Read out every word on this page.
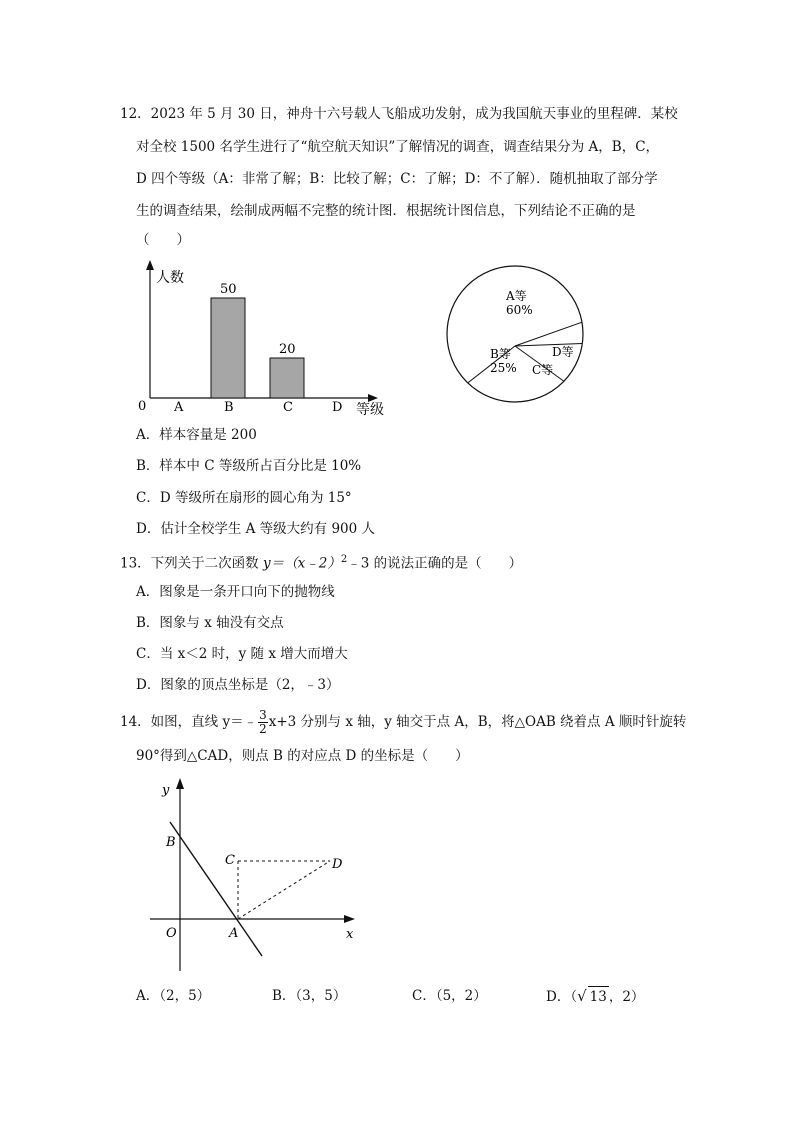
12．2023 年 5 月 30 日，神舟十六号载人飞船成功发射，成为我国航天事业的里程碑．某校
对全校 1500 名学生进行了“航空航天知识”了解情况的调查，调查结果分为 A，B，C，
D 四个等级（A：非常了解；B：比较了解；C：了解；D：不了解）．随机抽取了部分学
生的调查结果，绘制成两幅不完整的统计图．根据统计图信息，下列结论不正确的是
（　　）
人数
等级
0 A	B
50
C
20
D
A等
60%
B等
25% C等
D等
A．样本容量是 200
B．样本中 C 等级所占百分比是 10%
C．D 等级所在扇形的圆心角为 15°
D．估计全校学生 A 等级大约有 900 人
13．下列关于二次函数 y＝（x﹣2）$^2$﹣3 的说法正确的是（　　）
A．图象是一条开口向下的抛物线
B．图象与 x 轴没有交点
C．当 x＜2 时，y 随 x 增大而增大
D．图象的顶点坐标是（2，﹣3）
14．如图，直线 y＝﹣ $\frac{3}{2} x+3$ 分别与 x 轴，y 轴交于点 A，B，将△OAB 绕着点 A 顺时针旋转
90°得到△CAD，则点 B 的对应点 D 的坐标是（　　）
y
x
O	A
B
C	D
A．（2，5）	B．（3，5）	C．（5，2）	D．（√ 13 ，2）
